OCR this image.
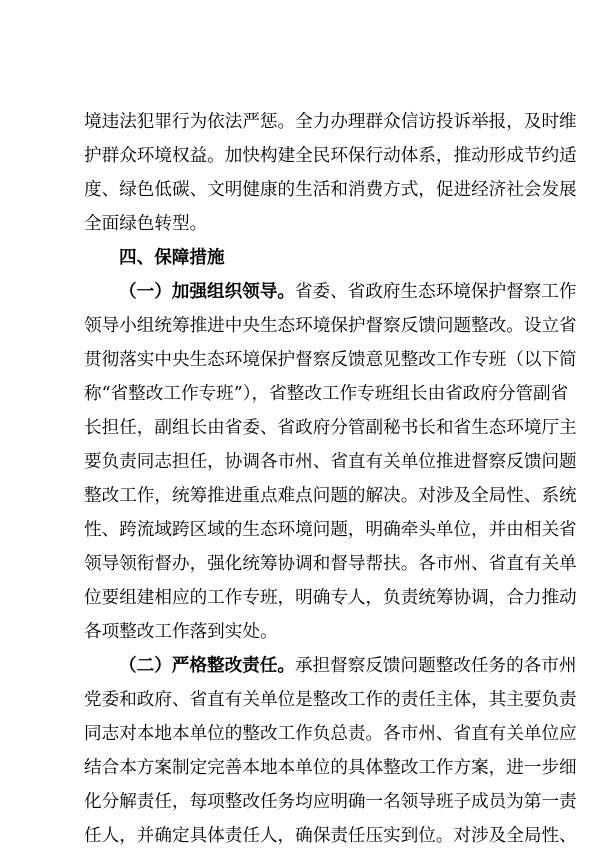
境违法犯罪行为依法严惩。全力办理群众信访投诉举报，及时维
护群众环境权益。加快构建全民环保行动体系，推动形成节约适
度、绿色低碳、文明健康的生活和消费方式，促进经济社会发展
全面绿色转型。
四、保障措施
（一）加强组织领导。省委、省政府生态环境保护督察工作
领导小组统筹推进中央生态环境保护督察反馈问题整改。设立省
贯彻落实中央生态环境保护督察反馈意见整改工作专班（以下简
称“省整改工作专班”），省整改工作专班组长由省政府分管副省
长担任，副组长由省委、省政府分管副秘书长和省生态环境厅主
要负责同志担任，协调各市州、省直有关单位推进督察反馈问题
整改工作，统筹推进重点难点问题的解决。对涉及全局性、系统
性、跨流域跨区域的生态环境问题，明确牵头单位，并由相关省
领导领衔督办，强化统筹协调和督导帮扶。各市州、省直有关单
位要组建相应的工作专班，明确专人，负责统筹协调，合力推动
各项整改工作落到实处。
（二）严格整改责任。承担督察反馈问题整改任务的各市州
党委和政府、省直有关单位是整改工作的责任主体，其主要负责
同志对本地本单位的整改工作负总责。各市州、省直有关单位应
结合本方案制定完善本地本单位的具体整改工作方案，进一步细
化分解责任，每项整改任务均应明确一名领导班子成员为第一责
任人，并确定具体责任人，确保责任压实到位。对涉及全局性、
